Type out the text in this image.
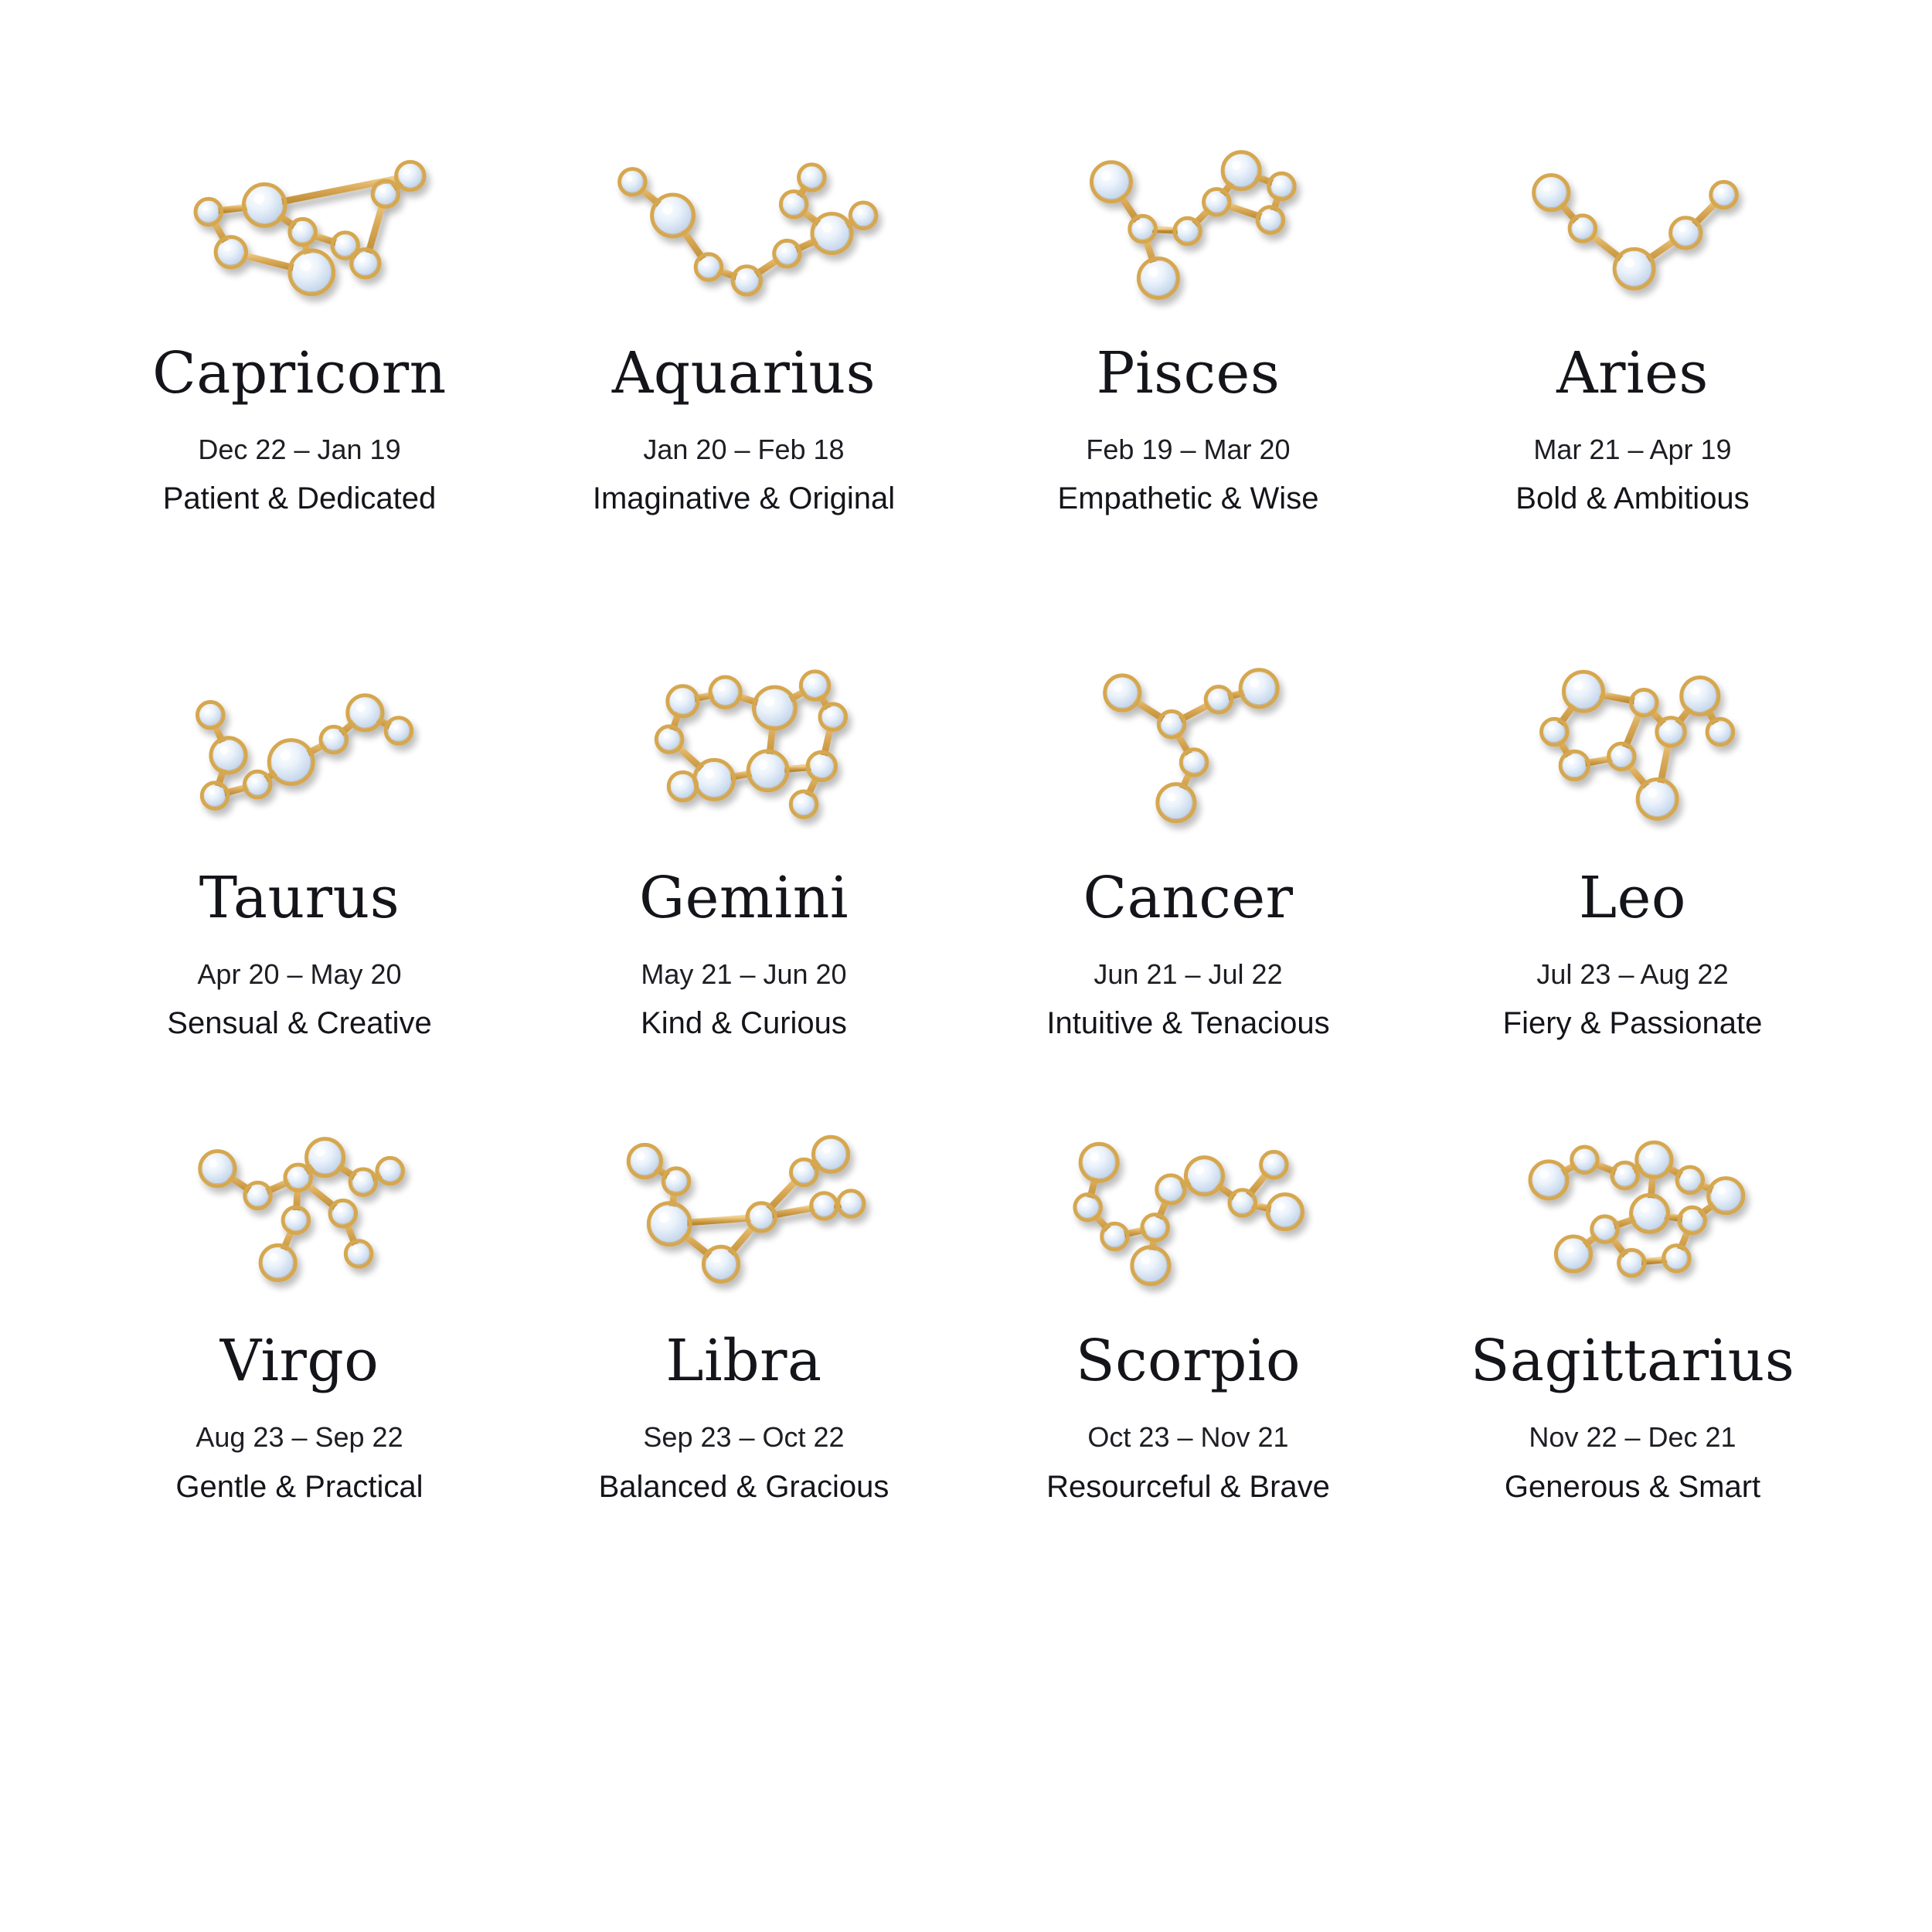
Capricorn
Dec 22 – Jan 19
Patient & Dedicated
Aquarius
Jan 20 – Feb 18
Imaginative & Original
Pisces
Feb 19 – Mar 20
Empathetic & Wise
Aries
Mar 21 – Apr 19
Bold & Ambitious
Taurus
Apr 20 – May 20
Sensual & Creative
Gemini
May 21 – Jun 20
Kind & Curious
Cancer
Jun 21 – Jul 22
Intuitive & Tenacious
Leo
Jul 23 – Aug 22
Fiery & Passionate
Virgo
Aug 23 – Sep 22
Gentle & Practical
Libra
Sep 23 – Oct 22
Balanced & Gracious
Scorpio
Oct 23 – Nov 21
Resourceful & Brave
Sagittarius
Nov 22 – Dec 21
Generous & Smart
